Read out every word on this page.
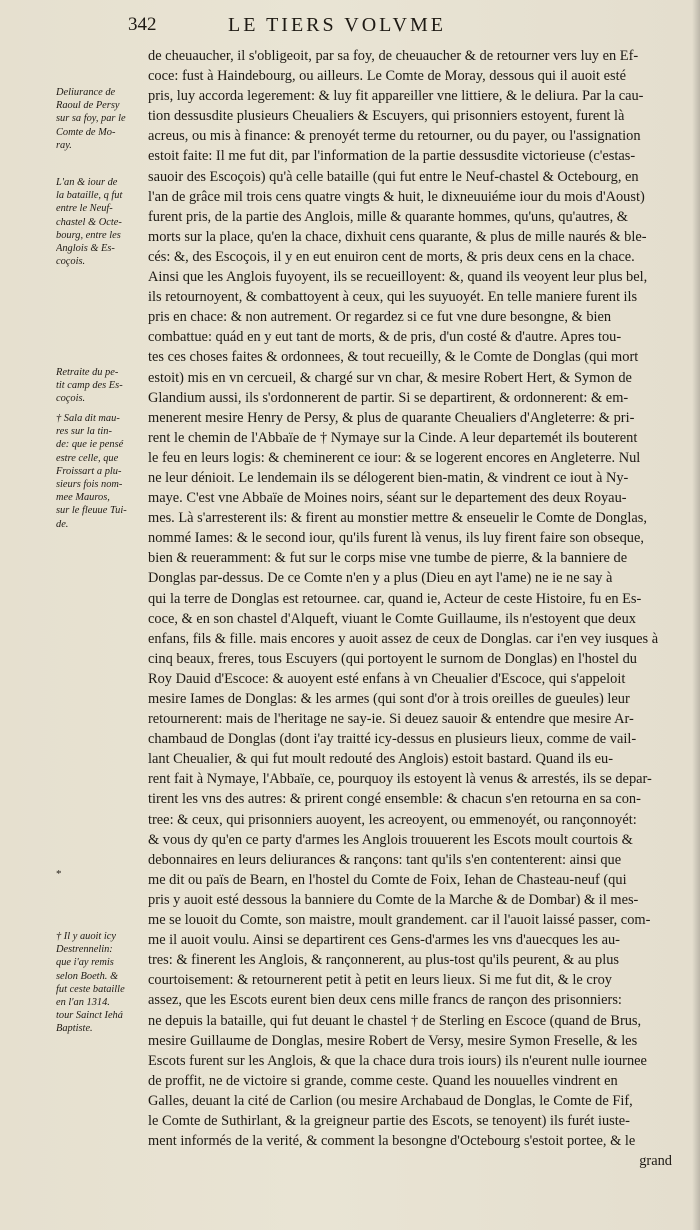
342	LE TIERS VOLVME
de cheuaucher, il s'obligeoit, par sa foy, de cheuaucher & de retourner vers luy en Ef-
coce: fust à Haindebourg, ou ailleurs. Le Comte de Moray, dessous qui il auoit esté
pris, luy accorda legerement: & luy fit appareiller vne littiere, & le deliura. Par la cau-
tion dessusdite plusieurs Cheualiers & Escuyers, qui prisonniers estoyent, furent là
acreus, ou mis à finance: & prenoyét terme du retourner, ou du payer, ou l'assignation
estoit faite: Il me fut dit, par l'information de la partie dessusdite victorieuse (c'estas-
sauoir des Escoçois) qu'à celle bataille (qui fut entre le Neuf-chastel & Octebourg, en
l'an de grâce mil trois cens quatre vingts & huit, le dixneuuiéme iour du mois d'Aoust)
furent pris, de la partie des Anglois, mille & quarante hommes, qu'uns, qu'autres, &
morts sur la place, qu'en la chace, dixhuit cens quarante, & plus de mille naurés & ble-
cés: &, des Escoçois, il y en eut enuiron cent de morts, & pris deux cens en la chace.
Ainsi que les Anglois fuyoyent, ils se recueilloyent: &, quand ils veoyent leur plus bel,
ils retournoyent, & combattoyent à ceux, qui les suyuoyét. En telle maniere furent ils
pris en chace: & non autrement. Or regardez si ce fut vne dure besongne, & bien
combattue: quád en y eut tant de morts, & de pris, d'un costé & d'autre. Apres tou-
tes ces choses faites & ordonnees, & tout recueilly, & le Comte de Donglas (qui mort
estoit) mis en vn cercueil, & chargé sur vn char, & mesire Robert Hert, & Symon de
Glandium aussi, ils s'ordonnerent de partir. Si se departirent, & ordonnerent: & em-
menerent mesire Henry de Persy, & plus de quarante Cheualiers d'Angleterre: & pri-
rent le chemin de l'Abbaïe de † Nymaye sur la Cinde. A leur departemét ils bouterent
le feu en leurs logis: & cheminerent ce iour: & se logerent encores en Angleterre. Nul
ne leur dénioit. Le lendemain ils se délogerent bien-matin, & vindrent ce iout à Ny-
maye. C'est vne Abbaïe de Moines noirs, séant sur le departement des deux Royau-
mes. Là s'arresterent ils: & firent au monstier mettre & enseuelir le Comte de Donglas,
nommé Iames: & le second iour, qu'ils furent là venus, ils luy firent faire son obseque,
bien & reueramment: & fut sur le corps mise vne tumbe de pierre, & la banniere de
Donglas par-dessus. De ce Comte n'en y a plus (Dieu en ayt l'ame) ne ie ne say à
qui la terre de Donglas est retournee. car, quand ie, Acteur de ceste Histoire, fu en Es-
coce, & en son chastel d'Alqueft, viuant le Comte Guillaume, ils n'estoyent que deux
enfans, fils & fille. mais encores y auoit assez de ceux de Donglas. car i'en vey iusques à
cinq beaux, freres, tous Escuyers (qui portoyent le surnom de Donglas) en l'hostel du
Roy Dauid d'Escoce: & auoyent esté enfans à vn Cheualier d'Escoce, qui s'appeloit
mesire Iames de Donglas: & les armes (qui sont d'or à trois oreilles de gueules) leur
retournerent: mais de l'heritage ne say-ie. Si deuez sauoir & entendre que mesire Ar-
chambaud de Donglas (dont i'ay traitté icy-dessus en plusieurs lieux, comme de vail-
lant Cheualier, & qui fut moult redouté des Anglois) estoit bastard. Quand ils eu-
rent fait à Nymaye, l'Abbaïe, ce, pourquoy ils estoyent là venus & arrestés, ils se depar-
tirent les vns des autres: & prirent congé ensemble: & chacun s'en retourna en sa con-
tree: & ceux, qui prisonniers auoyent, les acreoyent, ou emmenoyét, ou rançonnoyét:
& vous dy qu'en ce party d'armes les Anglois trouuerent les Escots moult courtois &
debonnaires en leurs deliurances & rançons: tant qu'ils s'en contenterent: ainsi que
me dit ou païs de Bearn, en l'hostel du Comte de Foix, Iehan de Chasteau-neuf (qui
pris y auoit esté dessous la banniere du Comte de la Marche & de Dombar) & il mes-
me se louoit du Comte, son maistre, moult grandement. car il l'auoit laissé passer, com-
me il auoit voulu. Ainsi se departirent ces Gens-d'armes les vns d'auecques les au-
tres: & finerent les Anglois, & rançonnerent, au plus-tost qu'ils peurent, & au plus
courtoisement: & retournerent petit à petit en leurs lieux. Si me fut dit, & le croy
assez, que les Escots eurent bien deux cens mille francs de rançon des prisonniers:
ne depuis la bataille, qui fut deuant le chastel † de Sterling en Escoce (quand de Brus,
mesire Guillaume de Donglas, mesire Robert de Versy, mesire Symon Freselle, & les
Escots furent sur les Anglois, & que la chace dura trois iours) ils n'eurent nulle iournee
de proffit, ne de victoire si grande, comme ceste. Quand les nouuelles vindrent en
Galles, deuant la cité de Carlion (ou mesire Archabaud de Donglas, le Comte de Fif,
le Comte de Suthirlant, & la greigneur partie des Escots, se tenoyent) ils furét iuste-
ment informés de la verité, & comment la besongne d'Octebourg s'estoit portee, & le
grand
Deliurance de
Raoul de Persy
sur sa foy, par le
Comte de Mo-
ray.
L'an & iour de
la bataille, q fut
entre le Neuf-
chastel & Octe-
bourg, entre les
Anglois & Es-
coçois.
Retraite du pe-
tit camp des Es-
coçois.
† Sala dit mau-
res sur la tin-
de: que ie pensé
estre celle, que
Froissart a plu-
sieurs fois nom-
mee Mauros,
sur le fleuue Tui-
de.
*
† Il y auoit icy
Destrennelin:
que i'ay remis
selon Boeth. &
fut ceste bataille
en l'an 1314.
tour Sainct Iehá
Baptiste.
